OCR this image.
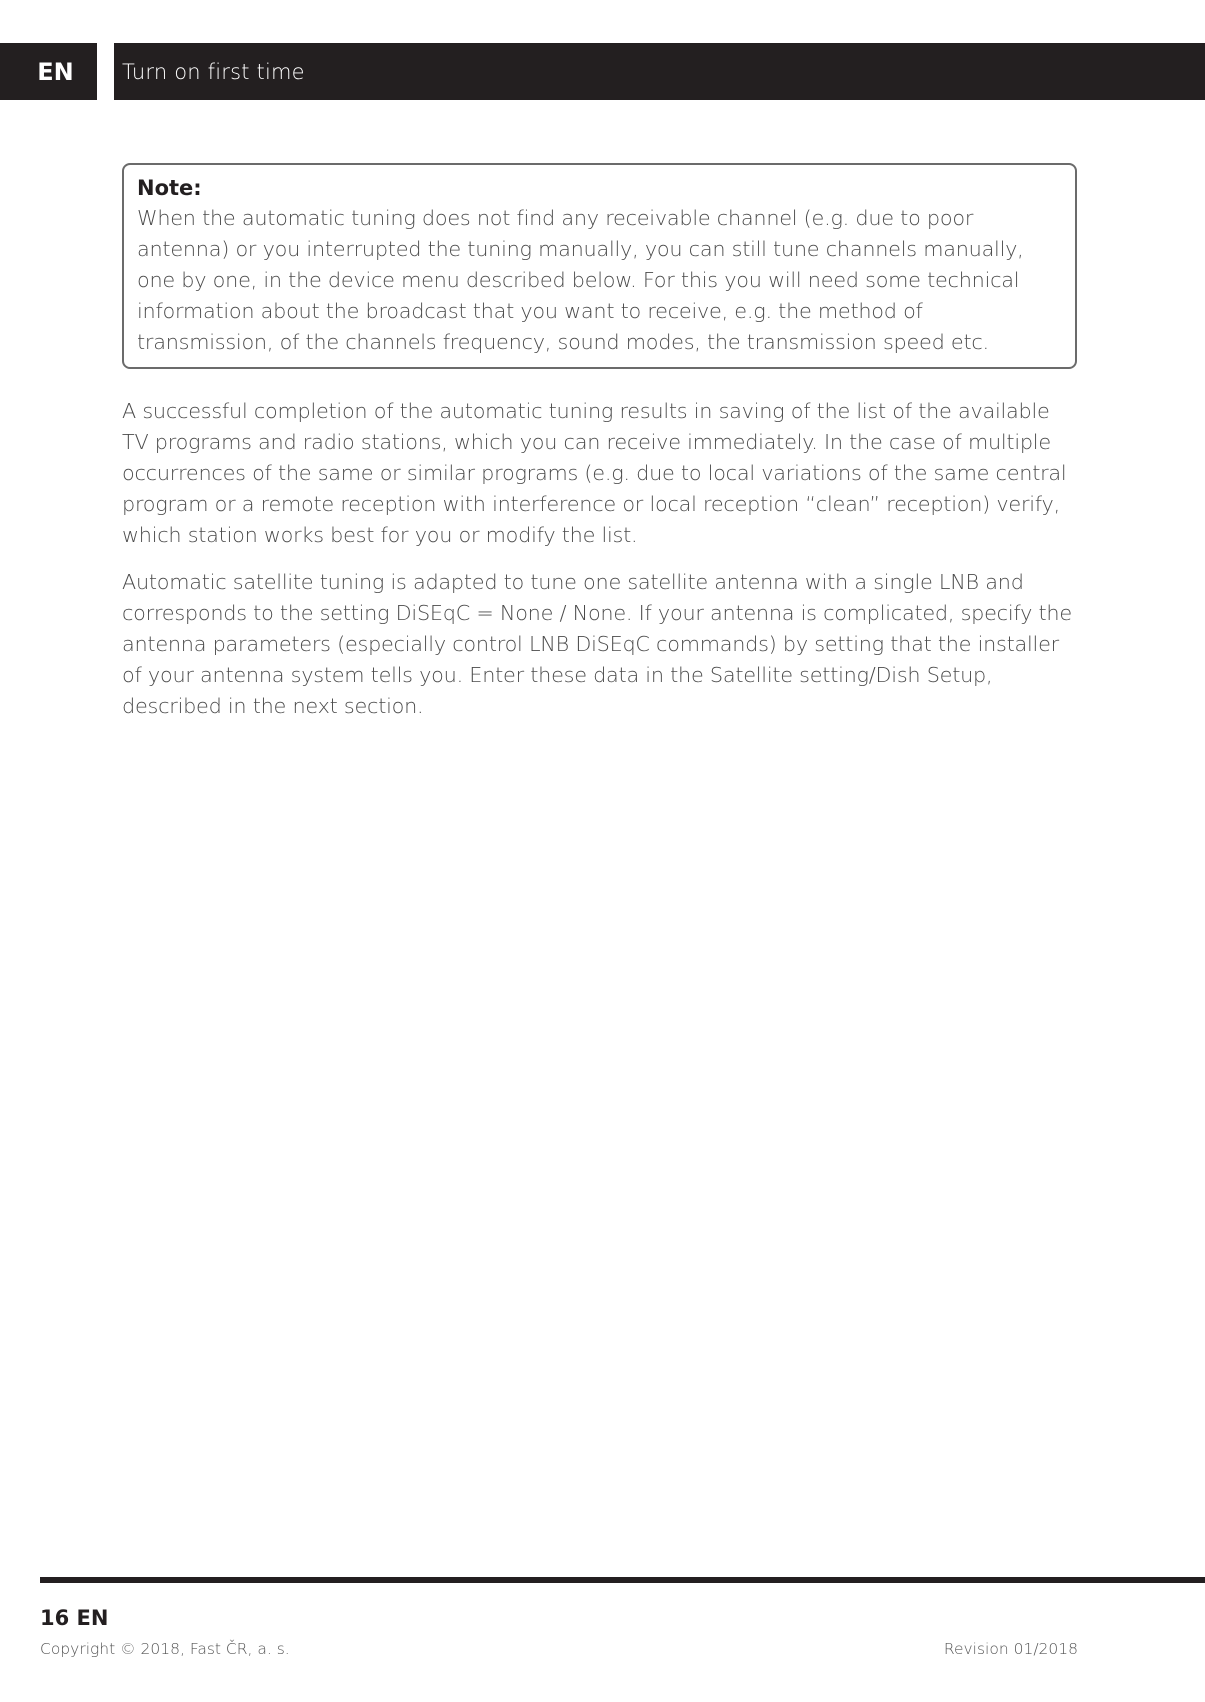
EN	Turn on first time

Note:

When the automatic tuning does not find any receivable channel (e.g. due to poor antenna) or you interrupted the tuning manually, you can still tune channels manually, one by one, in the device menu described below. For this you will need some technical information about the broadcast that you want to receive, e.g. the method of transmission, of the channels frequency, sound modes, the transmission speed etc.

A successful completion of the automatic tuning results in saving of the list of the available TV programs and radio stations, which you can receive immediately. In the case of multiple occurrences of the same or similar programs (e.g. due to local variations of the same central program or a remote reception with interference or local reception “clean” reception) verify, which station works best for you or modify the list.

Automatic satellite tuning is adapted to tune one satellite antenna with a single LNB and corresponds to the setting DiSEqC = None / None. If your antenna is complicated, specify the antenna parameters (especially control LNB DiSEqC commands) by setting that the installer of your antenna system tells you. Enter these data in the Satellite setting/Dish Setup, described in the next section.

16 EN
Copyright © 2018, Fast ČR, a. s.	Revision 01/2018
